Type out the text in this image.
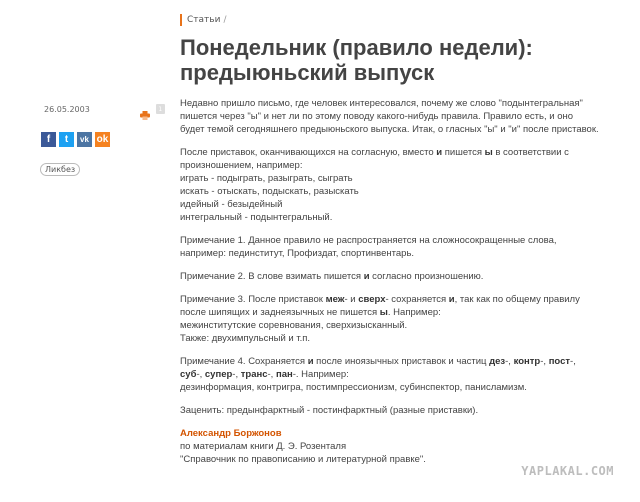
Статьи /
Понедельник (правило недели): предыюньский выпуск
26.05.2003	1
f	t	vk ok
Ликбез

Недавно пришло письмо, где человек интересовался, почему же слово "подынтегральная" пишется через "ы" и нет ли по этому поводу какого-нибудь правила. Правило есть, и оно будет темой сегодняшнего предыюньского выпуска. Итак, о гласных "ы" и "и" после приставок.

После приставок, оканчивающихся на согласную, вместо и пишется ы в соответствии с произношением, например:
играть - подыграть, разыграть, сыграть
искать - отыскать, подыскать, разыскать
идейный - безыдейный
интегральный - подынтегральный.

Примечание 1. Данное правило не распространяется на сложносокращенные слова, например: пединститут, Профиздат, спортинвентарь.

Примечание 2. В слове взимать пишется и согласно произношению.

Примечание 3. После приставок меж- и сверх- сохраняется и, так как по общему правилу после шипящих и заднеязычных не пишется ы. Например:
межинститутские соревнования, сверхизысканный.
Также: двухимпульсный и т.п.

Примечание 4. Сохраняется и после иноязычных приставок и частиц дез-, контр-, пост-,
суб-, супер-, транс-, пан-. Например:
дезинформация, контригра, постимпрессионизм, субинспектор, панисламизм.

Заценить: предынфарктный - постинфарктный (разные приставки).

Александр Боржонов
по материалам книги Д. Э. Розенталя
"Справочник по правописанию и литературной правке".

YAPLAKAL.COM
